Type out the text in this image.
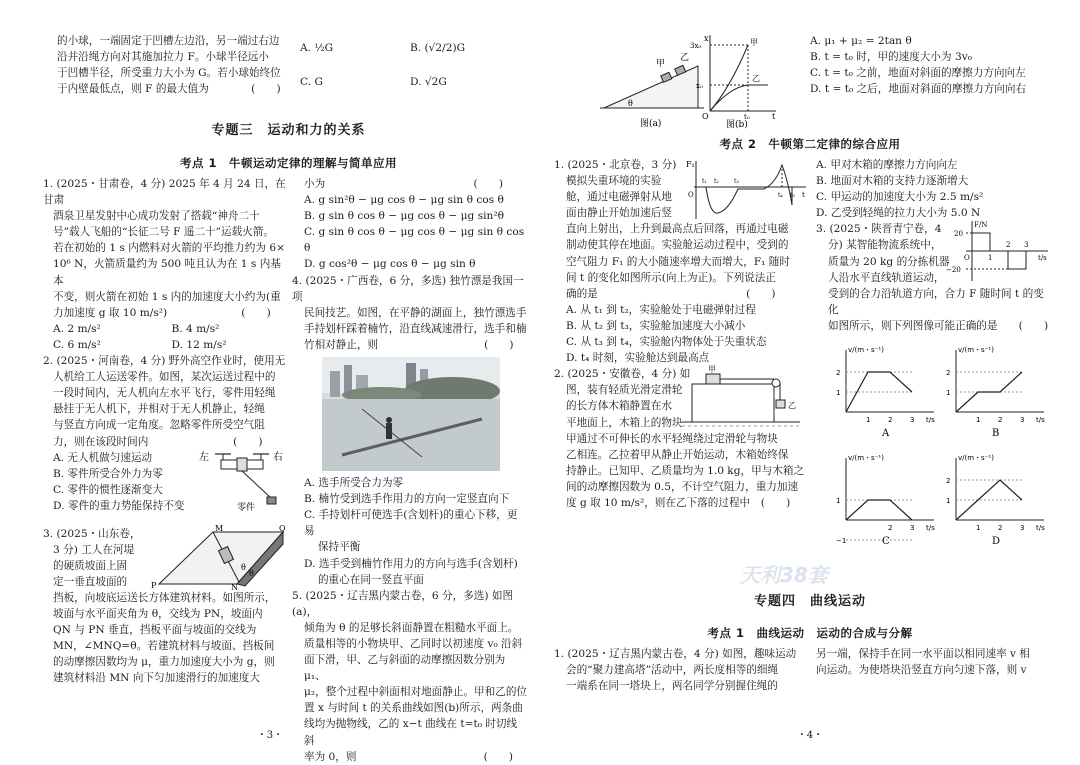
的小球，一端固定于凹槽左边沿，另一端过右边
沿并沿绳方向对其施加拉力 F。小球半径远小
于凹槽半径，所受重力大小为 G。若小球始终位
于内壁最低点，则 F 的最大值为　　　　(　　)
A. ½G	B. (√2/2)G
C. G	D. √2G
专题三　运动和力的关系
考点 1　牛顿运动定律的理解与简单应用
1. (2025・甘肃卷，4 分) 2025 年 4 月 24 日，在甘肃
酒泉卫星发射中心成功发射了搭载“神舟二十
号”载人飞船的“长征二号 F 遥二十”运载火箭。
若在初始的 1 s 内燃料对火箭的平均推力约为 6×
10⁶ N，火箭质量约为 500 吨且认为在 1 s 内基本
不变，则火箭在初始 1 s 内的加速度大小约为(重
力加速度 g 取 10 m/s²)　　　　　　　(　　)
A. 2 m/s²	B. 4 m/s²
C. 6 m/s²	D. 12 m/s²
2. (2025・河南卷，4 分) 野外高空作业时，使用无
人机给工人运送零件。如图，某次运送过程中的
一段时间内，无人机向左水平飞行，零件用轻绳
悬挂于无人机下，并相对于无人机静止，轻绳
与竖直方向成一定角度。忽略零件所受空气阻
力，则在该段时间内　　　　　　　　(　　)
A. 无人机做匀速运动
B. 零件所受合外力为零
C. 零件的惯性逐渐变大
D. 零件的重力势能保持不变
左	右
零件
3. (2025・山东卷，
3 分) 工人在河堤
的硬质坡面上固
定一垂直坡面的
挡板，向坡底运送长方体建筑材料。如图所示，
坡面与水平面夹角为 θ，交线为 PN，坡面内
QN 与 PN 垂直，挡板平面与坡面的交线为
MN，∠MNQ=θ。若建筑材料与坡面、挡板间
的动摩擦因数均为 μ，重力加速度大小为 g，则
建筑材料沿 MN 向下匀加速滑行的加速度大
M	Q
P	N
θ
θ
小为　　　　　　　　　　　　　　(　　)
A. g sin²θ − μg cos θ − μg sin θ cos θ
B. g sin θ cos θ − μg cos θ − μg sin²θ
C. g sin θ cos θ − μg cos θ − μg sin θ cos θ
D. g cos²θ − μg cos θ − μg sin θ
4. (2025・广西卷，6 分，多选) 独竹漂是我国一项
民间技艺。如图，在平静的湖面上，独竹漂选手
手持划杆踩着楠竹，沿直线减速滑行，选手和楠
竹相对静止，则　　　　　　　　　　(　　)
A. 选手所受合力为零
B. 楠竹受到选手作用力的方向一定竖直向下
C. 手持划杆可使选手(含划杆)的重心下移，更易
　 保持平衡
D. 选手受到楠竹作用力的方向与选手(含划杆)
　 的重心在同一竖直平面
5. (2025・辽吉黑内蒙古卷，6 分，多选) 如图(a)，
倾角为 θ 的足够长斜面静置在粗糙水平面上。
质量相等的小物块甲、乙同时以初速度 v₀ 沿斜
面下滑，甲、乙与斜面的动摩擦因数分别为 μ₁、
μ₂，整个过程中斜面相对地面静止。甲和乙的位
置 x 与时间 t 的关系曲线如图(b)所示，两条曲
线均为抛物线，乙的 x−t 曲线在 t=t₀ 时切线斜
率为 0，则　　　　　　　　　　　　(　　)
・3・
甲
乙
θ
图(a)
x
3x₀
x₀
O	t₀	t
甲
乙
图(b)
A. μ₁ + μ₂ = 2tan θ
B. t = t₀ 时，甲的速度大小为 3v₀
C. t = t₀ 之前，地面对斜面的摩擦力方向向左
D. t = t₀ 之后，地面对斜面的摩擦力方向向右
考点 2　牛顿第二定律的综合应用
1. (2025・北京卷，3 分)
模拟失重环境的实验
舱，通过电磁弹射从地
面由静止开始加速后竖
F₁
O
t₁ t₂	t₃
t₄ t₅ t
直向上射出，上升到最高点后回落，再通过电磁
制动使其停在地面。实验舱运动过程中，受到的
空气阻力 F₁ 的大小随速率增大而增大，F₁ 随时
间 t 的变化如图所示(向上为正)。下列说法正
确的是　　　　　　　　　　　　　　(　　)
A. 从 t₁ 到 t₂，实验舱处于电磁弹射过程
B. 从 t₂ 到 t₃，实验舱加速度大小减小
C. 从 t₃ 到 t₄，实验舱内物体处于失重状态
D. t₄ 时刻，实验舱达到最高点
2. (2025・安徽卷，4 分) 如
图，装有轻质光滑定滑轮
的长方体木箱静置在水
平地面上，木箱上的物块
甲
乙
甲通过不可伸长的水平轻绳绕过定滑轮与物块
乙相连。乙拉着甲从静止开始运动，木箱始终保
持静止。已知甲、乙质量均为 1.0 kg，甲与木箱之
间的动摩擦因数为 0.5，不计空气阻力，重力加速
度 g 取 10 m/s²，则在乙下落的过程中　(　　)
A. 甲对木箱的摩擦力方向向左
B. 地面对木箱的支持力逐渐增大
C. 甲运动的加速度大小为 2.5 m/s²
D. 乙受到轻绳的拉力大小为 5.0 N
3. (2025・陕晋青宁卷，4
分) 某智能物流系统中，
质量为 20 kg 的分拣机器
人沿水平直线轨道运动，
受到的合力沿轨道方向，合力 F 随时间 t 的变化
如图所示，则下列图像可能正确的是　　(　　)
F/N
20
−20
O	1
2 3
t/s
v/(m・s⁻¹)
t/s
1	2	3
2
1
A
v/(m・s⁻¹)
t/s
1	2	3
2
1
B
v/(m・s⁻¹)
t/s
2	3
1
−1	C
v/(m・s⁻¹)
t/s
1	2	3
2
1
D
专题四　曲线运动
考点 1　曲线运动　运动的合成与分解
1. (2025・辽吉黑内蒙古卷，4 分) 如图，趣味运动
会的“聚力建高塔”活动中，两长度相等的细绳
一端系在同一塔块上，两名同学分别握住绳的
另一端，保持手在同一水平面以相同速率 v 相
向运动。为使塔块沿竖直方向匀速下落，则 v
天利38套
・4・
